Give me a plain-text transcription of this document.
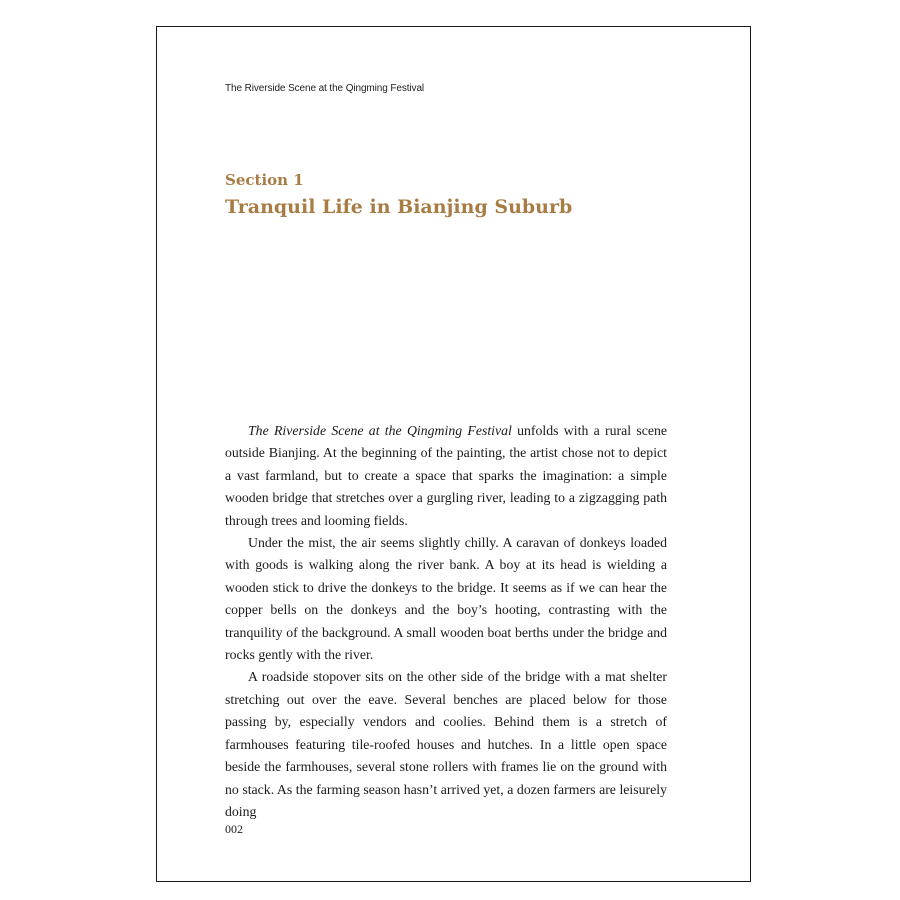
The Riverside Scene at the Qingming Festival
Section 1
Tranquil Life in Bianjing Suburb

The Riverside Scene at the Qingming Festival unfolds with a rural scene outside Bianjing. At the beginning of the painting, the artist chose not to depict a vast farmland, but to create a space that sparks the imagination: a simple wooden bridge that stretches over a gurgling river, leading to a zigzagging path through trees and looming fields.

Under the mist, the air seems slightly chilly. A caravan of donkeys loaded with goods is walking along the river bank. A boy at its head is wielding a wooden stick to drive the donkeys to the bridge. It seems as if we can hear the copper bells on the donkeys and the boy’s hooting, contrasting with the tranquility of the background. A small wooden boat berths under the bridge and rocks gently with the river.

A roadside stopover sits on the other side of the bridge with a mat shelter stretching out over the eave. Several benches are placed below for those passing by, especially vendors and coolies. Behind them is a stretch of farmhouses featuring tile-roofed houses and hutches. In a little open space beside the farmhouses, several stone rollers with frames lie on the ground with no stack. As the farming season hasn’t arrived yet, a dozen farmers are leisurely doing

002
